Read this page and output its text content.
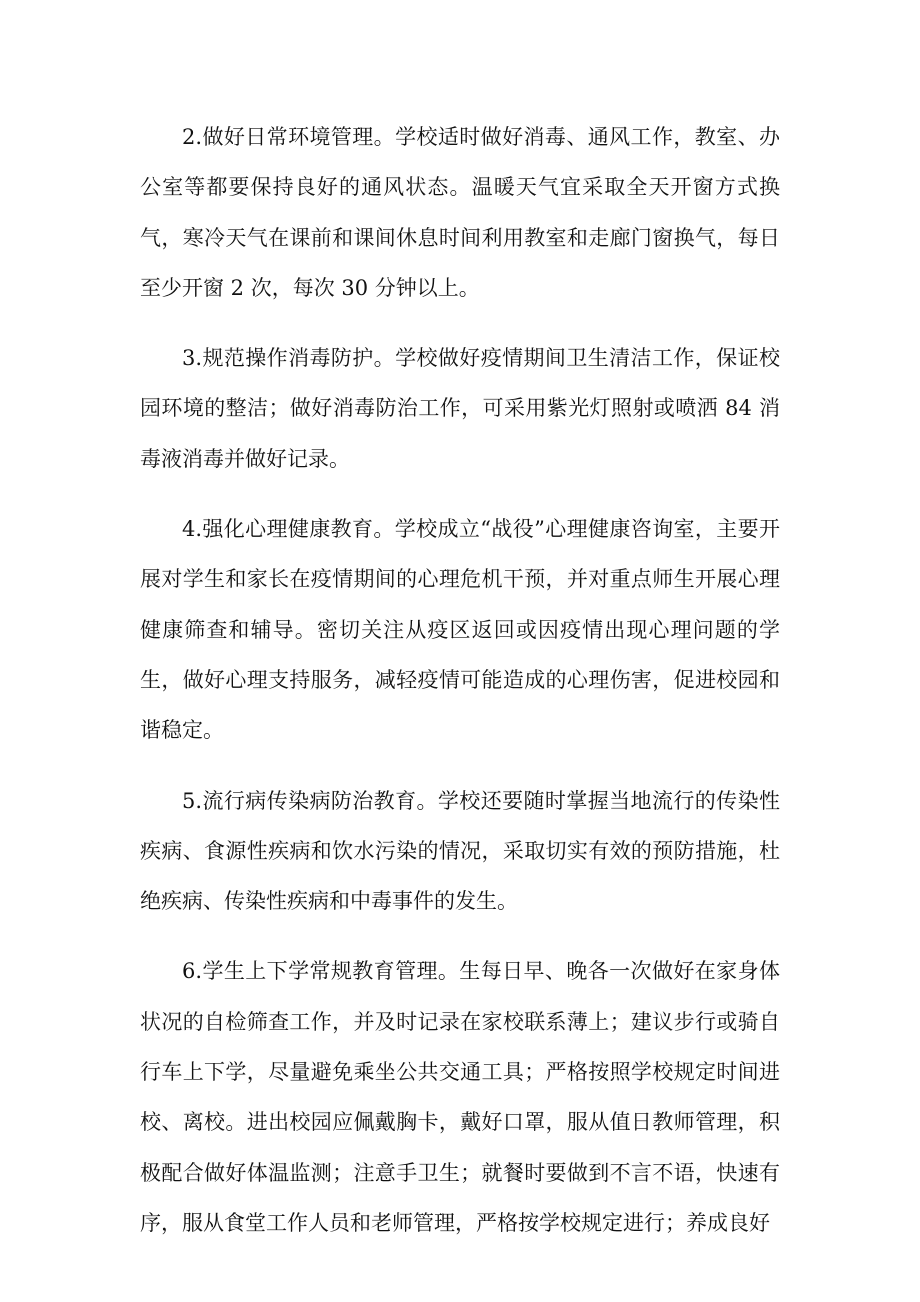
2.做好日常环境管理。学校适时做好消毒、通风工作，教室、办公室等都要保持良好的通风状态。温暖天气宜采取全天开窗方式换气，寒冷天气在课前和课间休息时间利用教室和走廊门窗换气，每日至少开窗 2 次，每次 30 分钟以上。

3.规范操作消毒防护。学校做好疫情期间卫生清洁工作，保证校园环境的整洁；做好消毒防治工作，可采用紫光灯照射或喷洒 84 消毒液消毒并做好记录。

4.强化心理健康教育。学校成立“战役”心理健康咨询室，主要开展对学生和家长在疫情期间的心理危机干预，并对重点师生开展心理健康筛查和辅导。密切关注从疫区返回或因疫情出现心理问题的学生，做好心理支持服务，减轻疫情可能造成的心理伤害，促进校园和谐稳定。

5.流行病传染病防治教育。学校还要随时掌握当地流行的传染性疾病、食源性疾病和饮水污染的情况，采取切实有效的预防措施，杜绝疾病、传染性疾病和中毒事件的发生。

6.学生上下学常规教育管理。生每日早、晚各一次做好在家身体状况的自检筛查工作，并及时记录在家校联系薄上；建议步行或骑自行车上下学，尽量避免乘坐公共交通工具；严格按照学校规定时间进校、离校。进出校园应佩戴胸卡，戴好口罩，服从值日教师管理，积极配合做好体温监测；注意手卫生；就餐时要做到不言不语，快速有序，服从食堂工作人员和老师管理，严格按学校规定进行；养成良好
